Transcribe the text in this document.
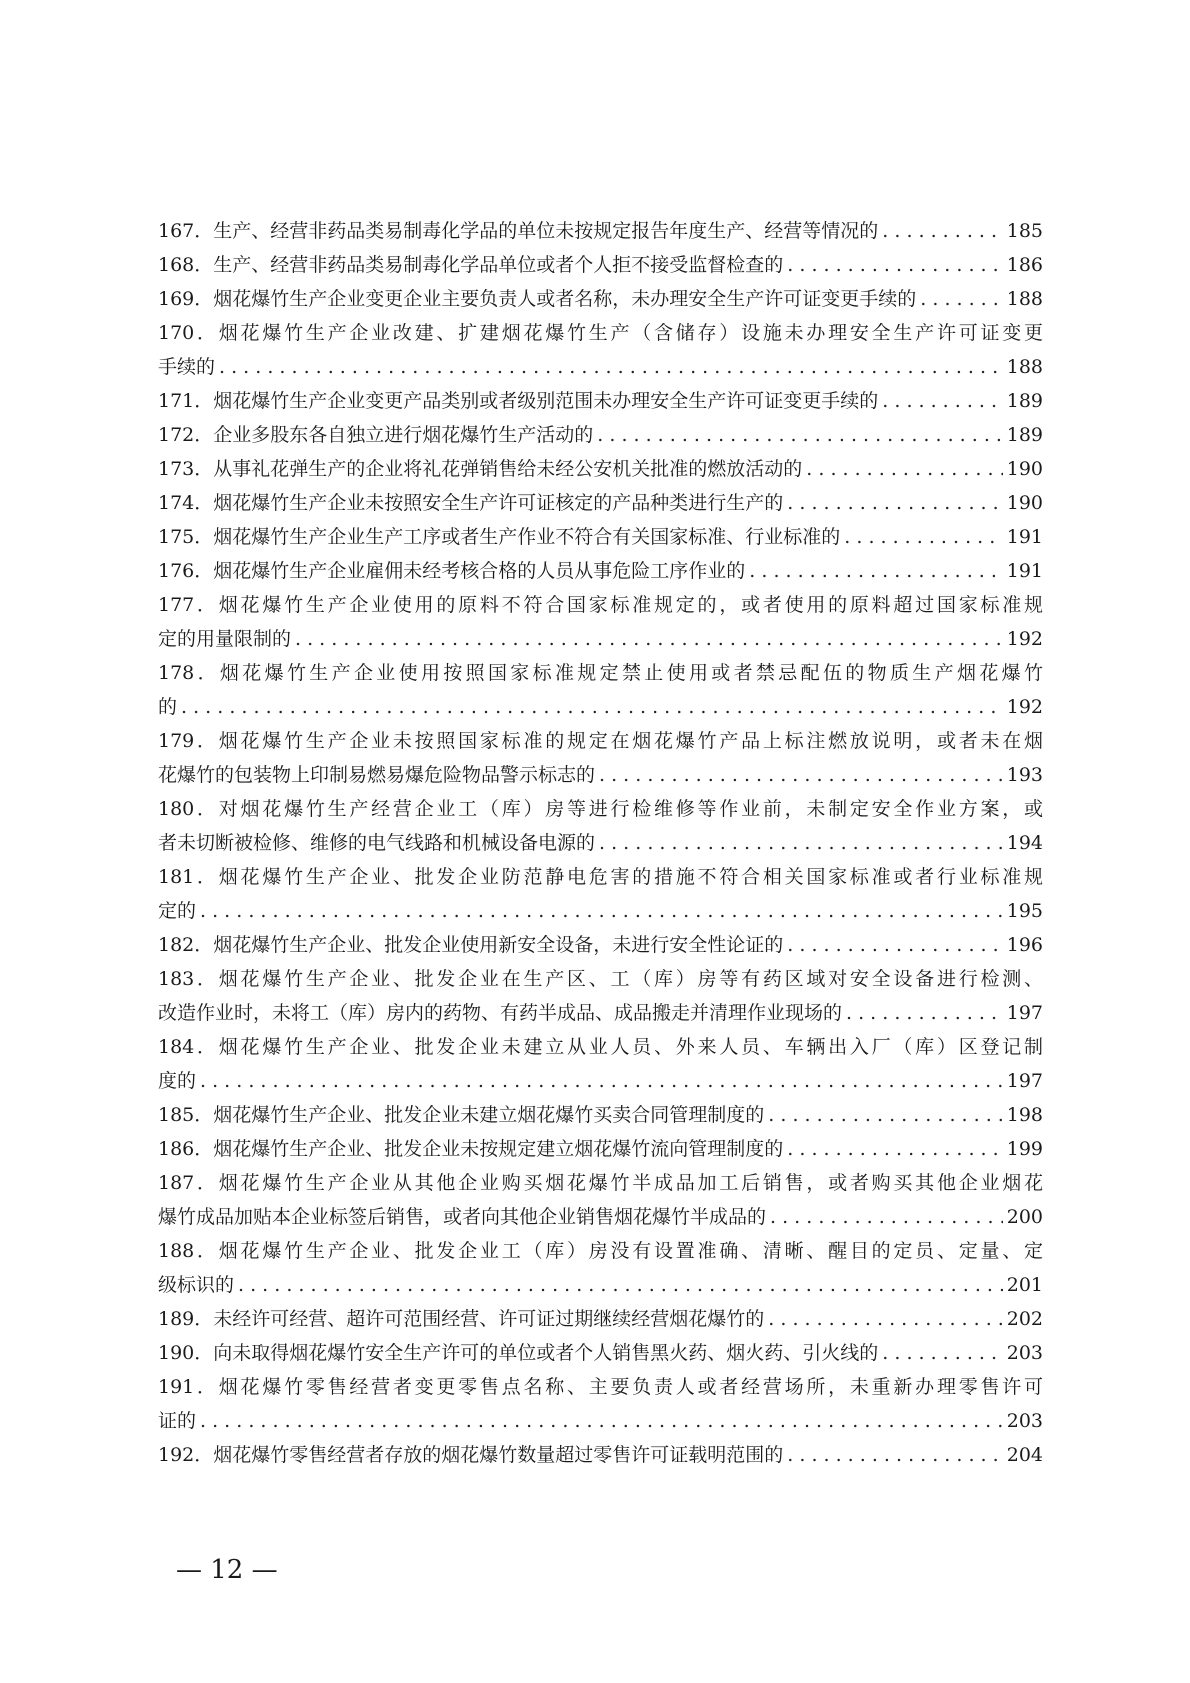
167．生产、经营非药品类易制毒化学品的单位未按规定报告年度生产、经营等情况的 . . .	185
168．生产、经营非药品类易制毒化学品单位或者个人拒不接受监督检查的 . . .	186
169．烟花爆竹生产企业变更企业主要负责人或者名称，未办理安全生产许可证变更手续的 . . .	188
170．烟花爆竹生产企业改建、扩建烟花爆竹生产（含储存）设施未办理安全生产许可证变更
手续的 . . .	188
171．烟花爆竹生产企业变更产品类别或者级别范围未办理安全生产许可证变更手续的 . . .	189
172．企业多股东各自独立进行烟花爆竹生产活动的 . . .	189
173．从事礼花弹生产的企业将礼花弹销售给未经公安机关批准的燃放活动的 . . .	190
174．烟花爆竹生产企业未按照安全生产许可证核定的产品种类进行生产的 . . .	190
175．烟花爆竹生产企业生产工序或者生产作业不符合有关国家标准、行业标准的 . . .	191
176．烟花爆竹生产企业雇佣未经考核合格的人员从事危险工序作业的 . . .	191
177．烟花爆竹生产企业使用的原料不符合国家标准规定的，或者使用的原料超过国家标准规
定的用量限制的 . . .	192
178．烟花爆竹生产企业使用按照国家标准规定禁止使用或者禁忌配伍的物质生产烟花爆竹
的 . . .	192
179．烟花爆竹生产企业未按照国家标准的规定在烟花爆竹产品上标注燃放说明，或者未在烟
花爆竹的包装物上印制易燃易爆危险物品警示标志的 . . .	193
180．对烟花爆竹生产经营企业工（库）房等进行检维修等作业前，未制定安全作业方案，或
者未切断被检修、维修的电气线路和机械设备电源的 . . .	194
181．烟花爆竹生产企业、批发企业防范静电危害的措施不符合相关国家标准或者行业标准规
定的 . . .	195
182．烟花爆竹生产企业、批发企业使用新安全设备，未进行安全性论证的 . . .	196
183．烟花爆竹生产企业、批发企业在生产区、工（库）房等有药区域对安全设备进行检测、
改造作业时，未将工（库）房内的药物、有药半成品、成品搬走并清理作业现场的 . . .	197
184．烟花爆竹生产企业、批发企业未建立从业人员、外来人员、车辆出入厂（库）区登记制
度的 . . .	197
185．烟花爆竹生产企业、批发企业未建立烟花爆竹买卖合同管理制度的 . . .	198
186．烟花爆竹生产企业、批发企业未按规定建立烟花爆竹流向管理制度的 . . .	199
187．烟花爆竹生产企业从其他企业购买烟花爆竹半成品加工后销售，或者购买其他企业烟花
爆竹成品加贴本企业标签后销售，或者向其他企业销售烟花爆竹半成品的 . . .	200
188．烟花爆竹生产企业、批发企业工（库）房没有设置准确、清晰、醒目的定员、定量、定
级标识的 . . .	201
189．未经许可经营、超许可范围经营、许可证过期继续经营烟花爆竹的 . . .	202
190．向未取得烟花爆竹安全生产许可的单位或者个人销售黑火药、烟火药、引火线的 . . .	203
191．烟花爆竹零售经营者变更零售点名称、主要负责人或者经营场所，未重新办理零售许可
证的 . . .	203
192．烟花爆竹零售经营者存放的烟花爆竹数量超过零售许可证载明范围的 . . .	204
— 12 —
